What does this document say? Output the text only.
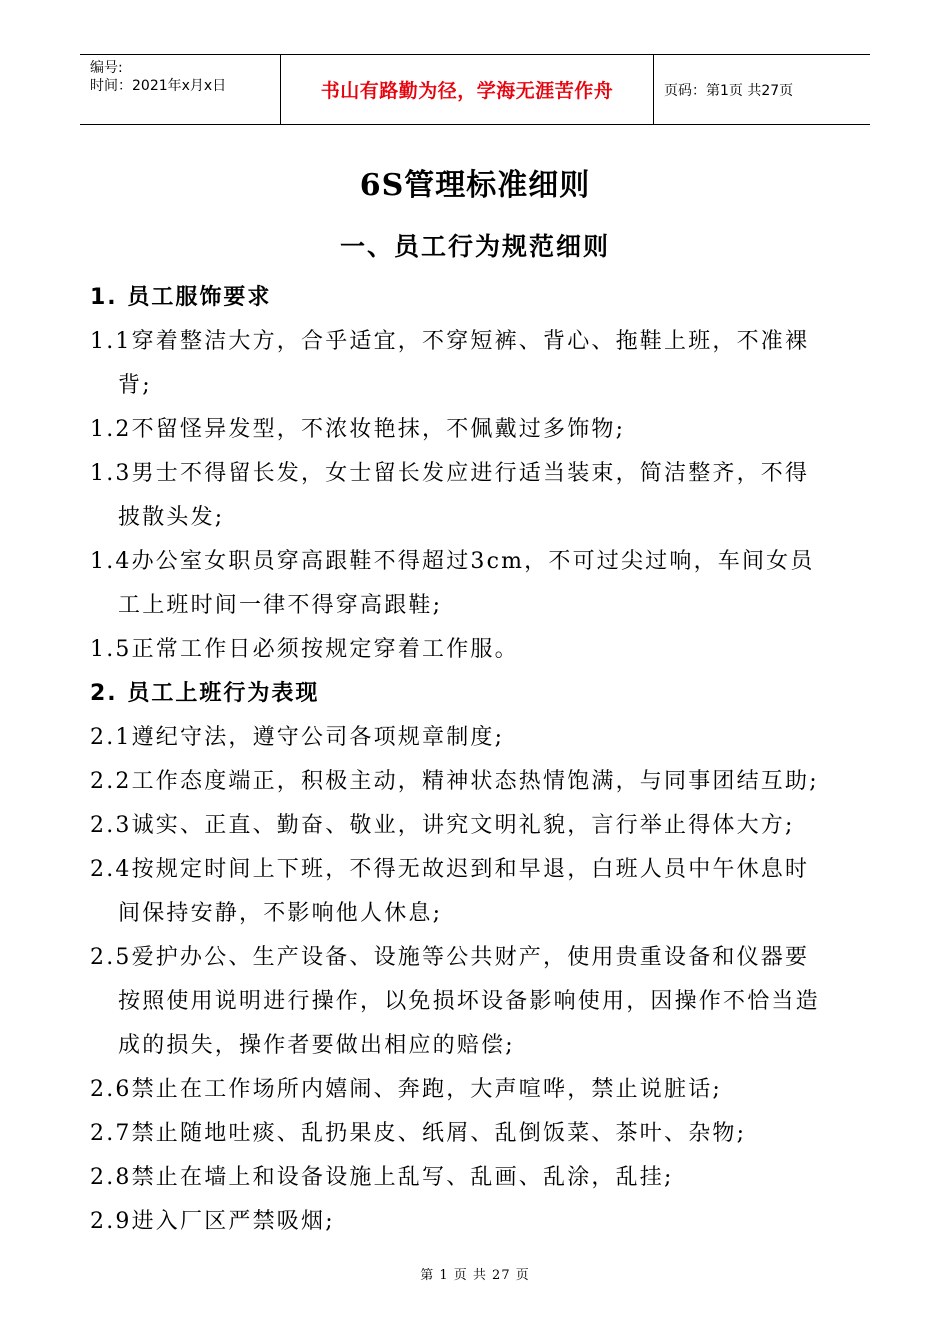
编号:
时间：2021年x月x日	书山有路勤为径，学海无涯苦作舟	页码：第1页 共27页
6S管理标准细则
一、员工行为规范细则
1. 员工服饰要求
1.1穿着整洁大方，合乎适宜，不穿短裤、背心、拖鞋上班，不准裸
背;
1.2不留怪异发型，不浓妆艳抹，不佩戴过多饰物;
1.3男士不得留长发，女士留长发应进行适当装束，简洁整齐，不得
披散头发;
1.4办公室女职员穿高跟鞋不得超过3cm，不可过尖过响，车间女员
工上班时间一律不得穿高跟鞋;
1.5正常工作日必须按规定穿着工作服。
2. 员工上班行为表现
2.1遵纪守法，遵守公司各项规章制度;
2.2工作态度端正，积极主动，精神状态热情饱满，与同事团结互助;
2.3诚实、正直、勤奋、敬业，讲究文明礼貌，言行举止得体大方;
2.4按规定时间上下班，不得无故迟到和早退，白班人员中午休息时
间保持安静，不影响他人休息;
2.5爱护办公、生产设备、设施等公共财产，使用贵重设备和仪器要
按照使用说明进行操作，以免损坏设备影响使用，因操作不恰当造
成的损失，操作者要做出相应的赔偿;
2.6禁止在工作场所内嬉闹、奔跑，大声喧哗，禁止说脏话;
2.7禁止随地吐痰、乱扔果皮、纸屑、乱倒饭菜、茶叶、杂物;
2.8禁止在墙上和设备设施上乱写、乱画、乱涂，乱挂;
2.9进入厂区严禁吸烟;
第 1 页 共 27 页
